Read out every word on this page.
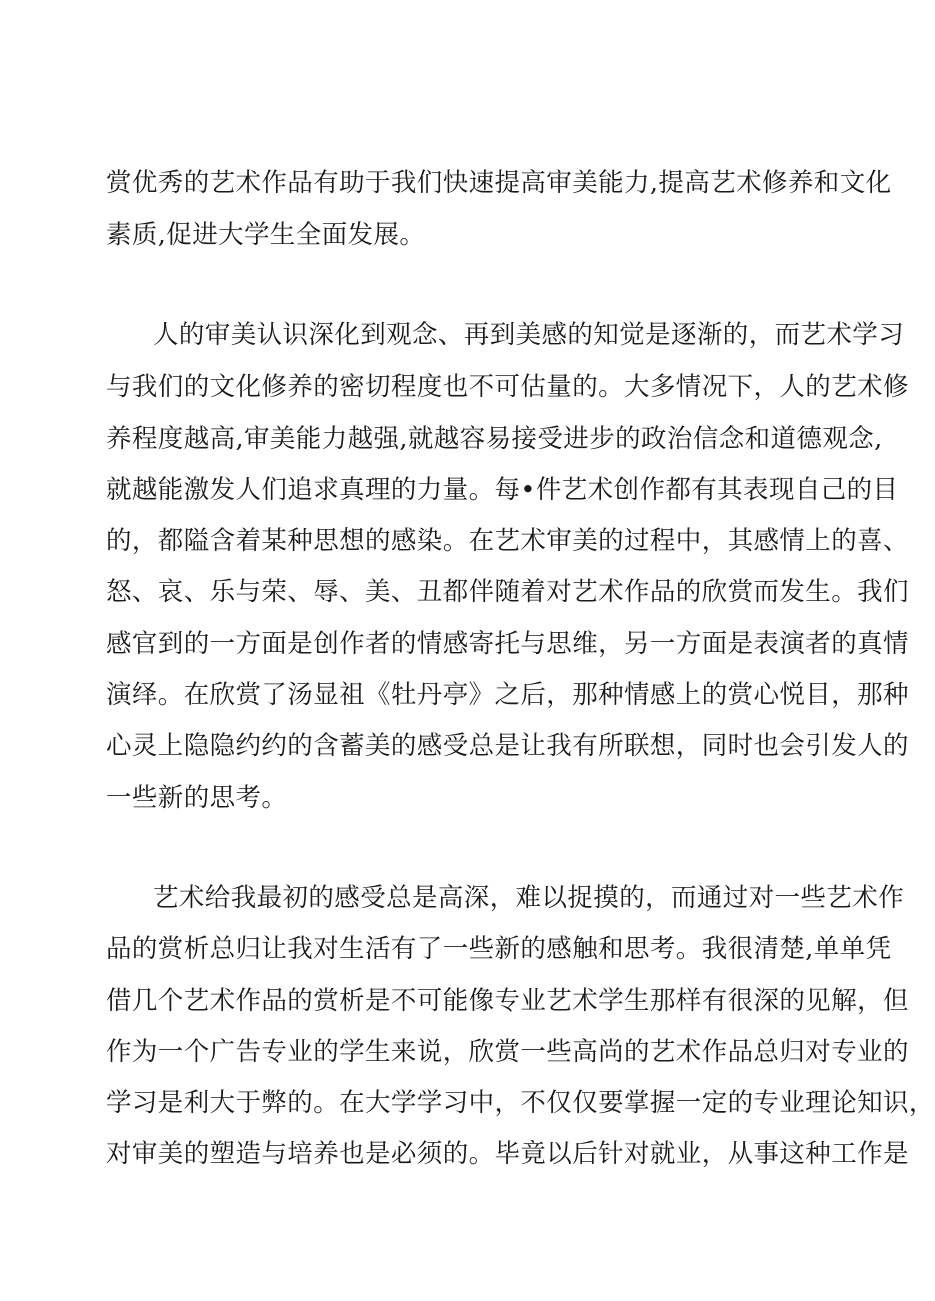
赏优秀的艺术作品有助于我们快速提高审美能力,提高艺术修养和文化
素质,促进大学生全面发展。
人的审美认识深化到观念、再到美感的知觉是逐渐的，而艺术学习
与我们的文化修养的密切程度也不可估量的。大多情况下，人的艺术修
养程度越高,审美能力越强,就越容易接受进步的政治信念和道德观念,
就越能激发人们追求真理的力量。每•件艺术创作都有其表现自己的目
的，都隘含着某种思想的感染。在艺术审美的过程中，其感情上的喜、
怒、哀、乐与荣、辱、美、丑都伴随着对艺术作品的欣赏而发生。我们
感官到的一方面是创作者的情感寄托与思维，另一方面是表演者的真情
演绎。在欣赏了汤显祖《牡丹亭》之后，那种情感上的赏心悦目，那种
心灵上隐隐约约的含蓄美的感受总是让我有所联想，同时也会引发人的
一些新的思考。
艺术给我最初的感受总是高深，难以捉摸的，而通过对一些艺术作
品的赏析总归让我对生活有了一些新的感触和思考。我很清楚,单单凭
借几个艺术作品的赏析是不可能像专业艺术学生那样有很深的见解，但
作为一个广告专业的学生来说，欣赏一些高尚的艺术作品总归对专业的
学习是利大于弊的。在大学学习中，不仅仅要掌握一定的专业理论知识，
对审美的塑造与培养也是必须的。毕竟以后针对就业，从事这种工作是
